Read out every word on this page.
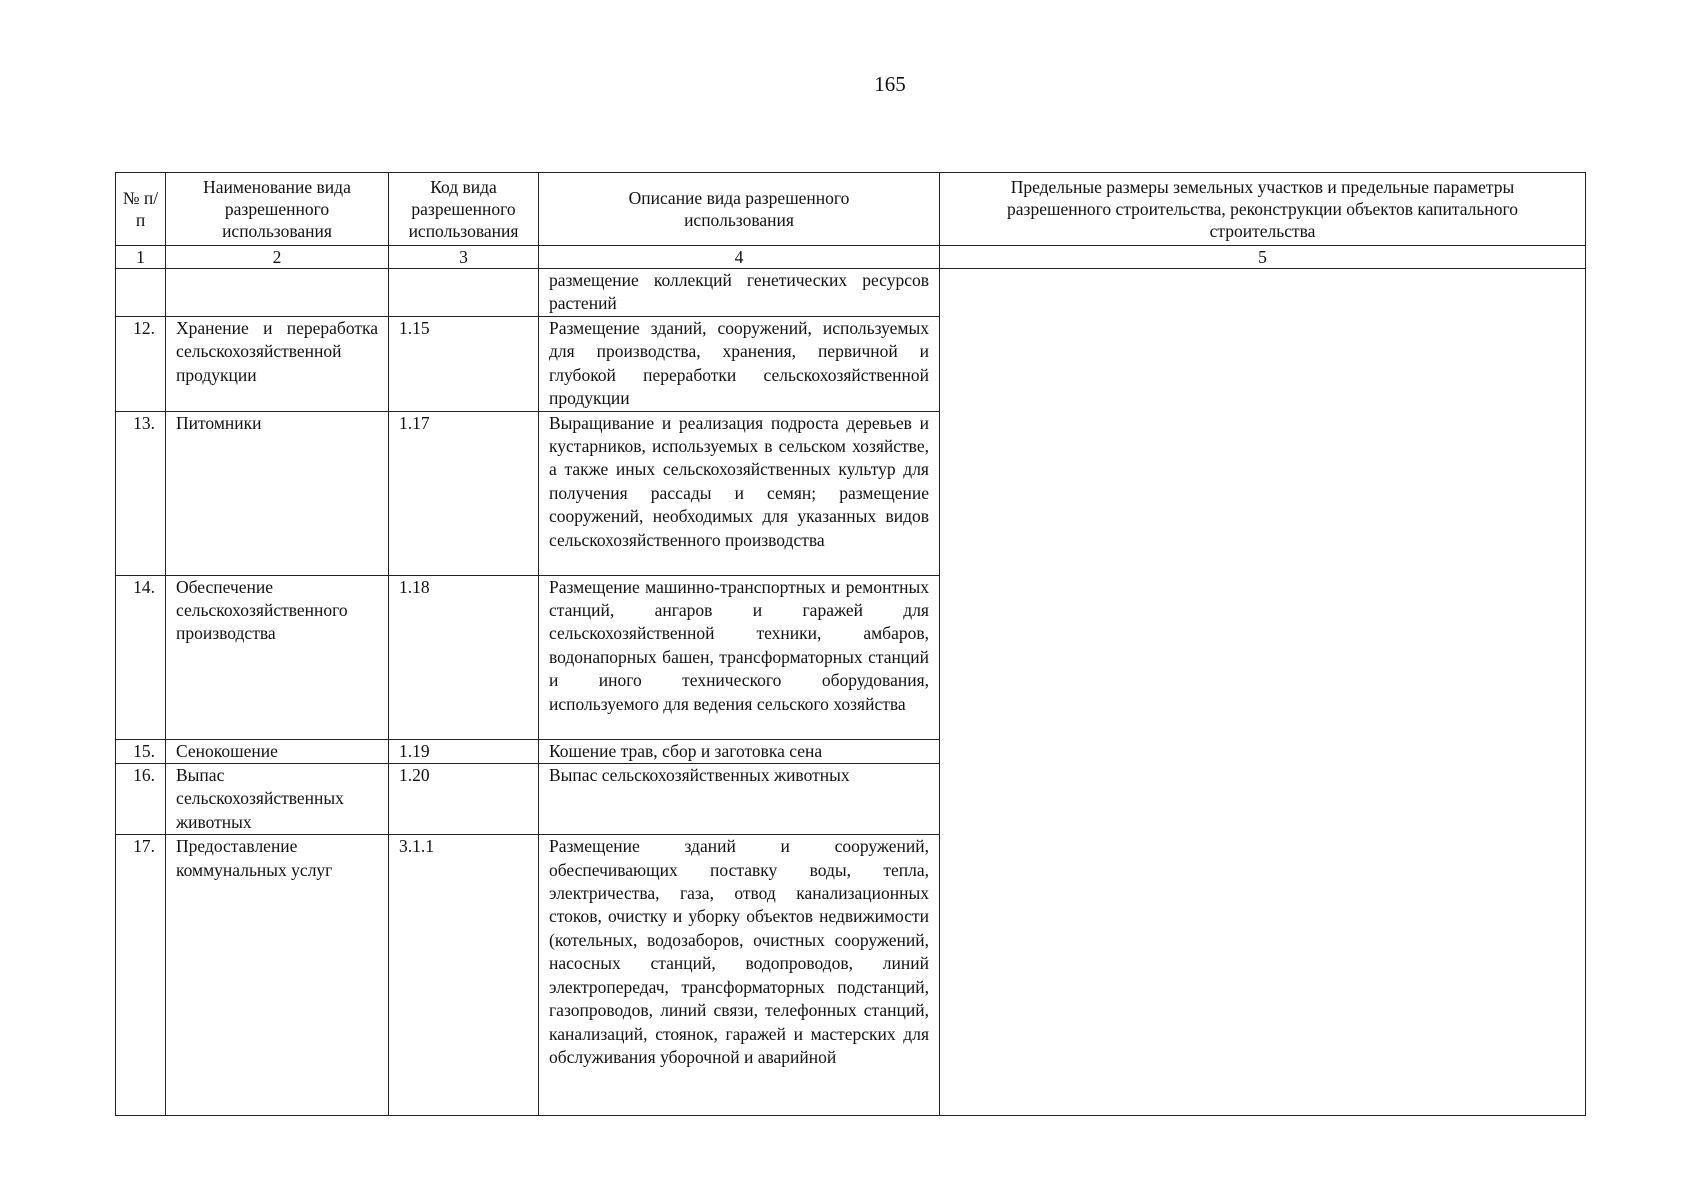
165
№ п/п	Наименование вида разрешенного использования	Код вида разрешенного использования	Описание вида разрешенного использования	Предельные размеры земельных участков и предельные параметры разрешенного строительства, реконструкции объектов капитального строительства
1	2	3	4	5
			размещение коллекций генетических ресурсов растений	
12.	Хранение и переработка сельскохозяйственной продукции	1.15	Размещение зданий, сооружений, используемых для производства, хранения, первичной и глубокой переработки сельскохозяйственной продукции	
13.	Питомники	1.17	Выращивание и реализация подроста деревьев и кустарников, используемых в сельском хозяйстве, а также иных сельскохозяйственных культур для получения рассады и семян; размещение сооружений, необходимых для указанных видов сельскохозяйственного производства	
14.	Обеспечение сельскохозяйственного производства	1.18	Размещение машинно-транспортных и ремонтных станций, ангаров и гаражей для сельскохозяйственной техники, амбаров, водонапорных башен, трансформаторных станций и иного технического оборудования, используемого для ведения сельского хозяйства	
15.	Сенокошение	1.19	Кошение трав, сбор и заготовка сена	
16.	Выпас сельскохозяйственных животных	1.20	Выпас сельскохозяйственных животных	
17.	Предоставление коммунальных услуг	3.1.1	Размещение зданий и сооружений, обеспечивающих поставку воды, тепла, электричества, газа, отвод канализационных стоков, очистку и уборку объектов недвижимости (котельных, водозаборов, очистных сооружений, насосных станций, водопроводов, линий электропередач, трансформаторных подстанций, газопроводов, линий связи, телефонных станций, канализаций, стоянок, гаражей и мастерских для обслуживания уборочной и аварийной	
